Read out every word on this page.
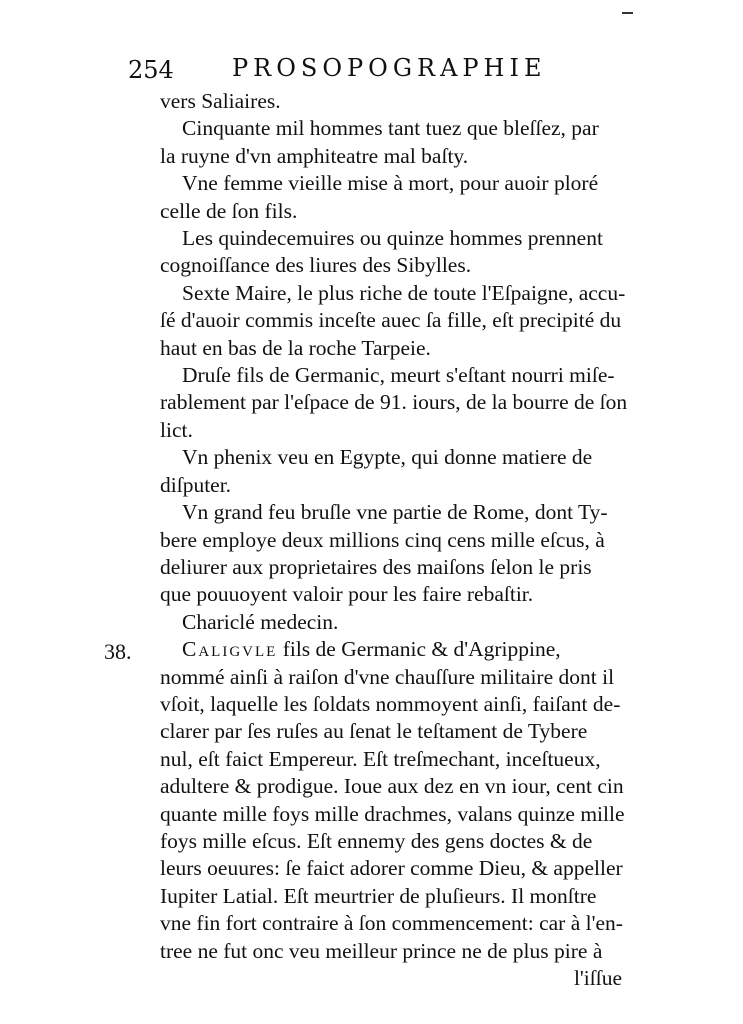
254 PROSOPOGRAPHIE
38.
vers Saliaires.
Cinquante mil hommes tant tuez que bleſſez, par
la ruyne d'vn amphiteatre mal baſty.
Vne femme vieille mise à mort, pour auoir ploré
celle de ſon fils.
Les quindecemuires ou quinze hommes prennent
cognoiſſance des liures des Sibylles.
Sexte Maire, le plus riche de toute l'Eſpaigne, accu-
ſé d'auoir commis inceſte auec ſa fille, eſt precipité du
haut en bas de la roche Tarpeie.
Druſe fils de Germanic, meurt s'eſtant nourri miſe-
rablement par l'eſpace de 91. iours, de la bourre de ſon
lict.
Vn phenix veu en Egypte, qui donne matiere de
diſputer.
Vn grand feu bruſle vne partie de Rome, dont Ty-
bere employe deux millions cinq cens mille eſcus, à
deliurer aux proprietaires des maiſons ſelon le pris
que pouuoyent valoir pour les faire rebaſtir.
Chariclé medecin.
Caligvle fils de Germanic & d'Agrippine,
nommé ainſi à raiſon d'vne chauſſure militaire dont il
vſoit, laquelle les ſoldats nommoyent ainſi, faiſant de-
clarer par ſes ruſes au ſenat le teſtament de Tybere
nul, eſt faict Empereur. Eſt treſmechant, inceſtueux,
adultere & prodigue. Ioue aux dez en vn iour, cent cin
quante mille foys mille drachmes, valans quinze mille
foys mille eſcus. Eſt ennemy des gens doctes & de
leurs oeuures: ſe faict adorer comme Dieu, & appeller
Iupiter Latial. Eſt meurtrier de pluſieurs. Il monſtre
vne fin fort contraire à ſon commencement: car à l'en-
tree ne fut onc veu meilleur prince ne de plus pire à
l'iſſue
